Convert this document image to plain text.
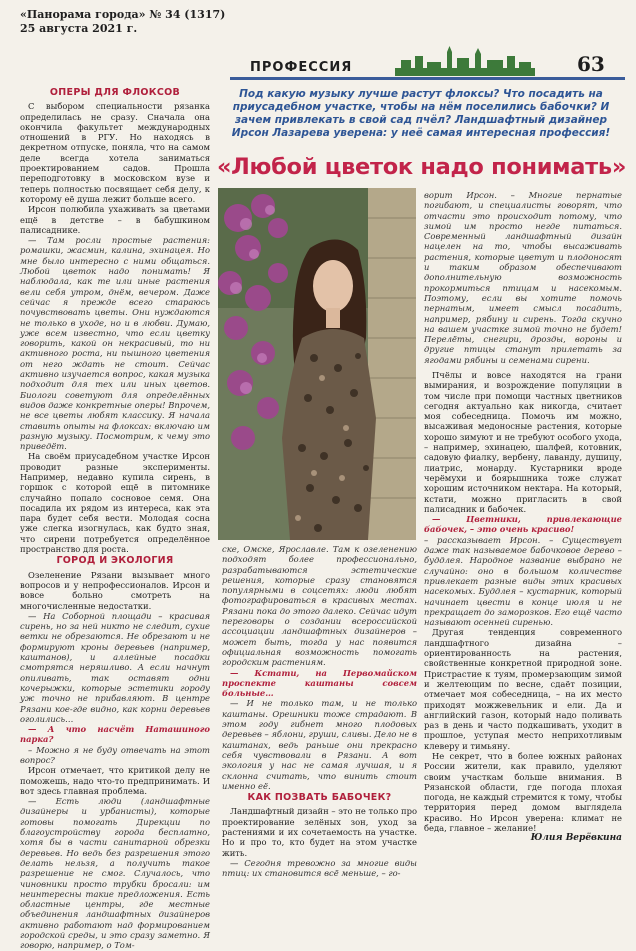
«Панорама города» № 34 (1317)
25 августа 2021 г.
ПРОФЕССИЯ	63
Под какую музыку лучше растут флоксы? Что посадить на приусадебном участке, чтобы на нём поселились бабочки? И зачем привлекать в свой сад пчёл? Ландшафтный дизайнер Ирсон Лазарева уверена: у неё самая интересная профессия!
«Любой цветок надо понимать»
ОПЕРЫ ДЛЯ ФЛОКСОВ

С выбором специальности рязанка определилась не сразу. Сначала она окончила факультет международных отношений в РГУ. Но находясь в декретном отпуске, поняла, что на самом деле всегда хотела заниматься проектированием садов. Прошла переподготовку в московском вузе и теперь полностью посвящает себя делу, к которому её душа лежит больше всего.

Ирсон полюбила ухаживать за цветами ещё в детстве – в бабушкином палисаднике.

— Там росли простые растения: ромашки, жасмин, калина, эхинацея. Но мне было интересно с ними общаться. Любой цветок надо понимать! Я наблюдала, как те или иные растения вели себя утром, днём, вечером. Даже сейчас я прежде всего стараюсь почувствовать цветы. Они нуждаются не только в уходе, но и в любви. Думаю, уже всем известно, что если цветку говорить, какой он некрасивый, то ни активного роста, ни пышного цветения от него ждать не стоит. Сейчас активно изучается вопрос, какая музыка подходит для тех или иных цветов. Биологи советуют для определённых видов даже конкретные оперы! Впрочем, не все цветы любят классику. Я начала ставить опыты на флоксах: включаю им разную музыку. Посмотрим, к чему это приведёт.

На своём приусадебном участке Ирсон проводит разные эксперименты. Например, недавно купила сирень, в горшок с которой ещё в питомнике случайно попало сосновое семя. Она посадила их рядом из интереса, как эта пара будет себя вести. Молодая сосна уже слегка изогнулась, как будто зная, что сирени потребуется определённое пространство для роста.

ГОРОД И ЭКОЛОГИЯ

Озеленение Рязани вызывает много вопросов и у непрофессионалов. Ирсон и вовсе больно смотреть на многочисленные недостатки.

— На Соборной площади – красивая сирень, но за ней никто не следит, сухие ветки не обрезаются. Не обрезают и не формируют кроны деревьев (например, каштанов), и аллейные посадки смотрятся неряшливо. А если начнут опиливать, так оставят одни кочерыжки, которые эстетики городу уж точно не прибавляют. В центре Рязани кое-где видно, как корни деревьев оголились…

— А что насчёт Наташиного парка?

– Можно я не буду отвечать на этот вопрос?

Ирсон отмечает, что критикой делу не поможешь, надо что-то предпринимать. И вот здесь главная проблема.

— Есть люди (ландшафтные дизайнеры и урбанисты), которые готовы помогать Дирекции по благоустройству города бесплатно, хотя бы в части санитарной обрезки деревьев. Но ведь без разрешения этого делать нельзя, а получить такое разрешение не смог. Случалось, что чиновники просто трубки бросали: им неинтересны такие предложения. Есть областные центры, где местные объединения ландшафтных дизайнеров активно работают над формированием городской среды, и это сразу заметно. Я говорю, например, о Том-

ске, Омске, Ярославле. Там к озеленению подходят более профессионально, разрабатываются эстетические решения, которые сразу становятся популярными в соцсетях: люди любят фотографироваться в красивых местах. Рязани пока до этого далеко. Сейчас идут переговоры о создании всероссийской ассоциации ландшафтных дизайнеров – может быть, тогда у нас появится официальная возможность помогать городским растениям.

— Кстати, на Первомайском проспекте каштаны совсем больные…

— И не только там, и не только каштаны. Орешники тоже страдают. В этом году гибнет много плодовых деревьев – яблони, груши, сливы. Дело не в каштанах, ведь раньше они прекрасно себя чувствовали в Рязани. А вот экология у нас не самая лучшая, и я склонна считать, что винить стоит именно её.

КАК ПОЗВАТЬ БАБОЧЕК?

Ландшафтный дизайн – это не только про проектирование зелёных зон, уход за растениями и их сочетаемость на участке. Но и про то, кто будет на этом участке жить.

— Сегодня тревожно за многие виды птиц: их становится всё меньше, – го-

ворит Ирсон. – Многие пернатые погибают, и специалисты говорят, что отчасти это происходит потому, что зимой им просто негде питаться. Современный ландшафтный дизайн нацелен на то, чтобы высаживать растения, которые цветут и плодоносят и таким образом обеспечивают дополнительную возможность прокормиться птицам и насекомым. Поэтому, если вы хотите помочь пернатым, имеет смысл посадить, например, рябину и сирень. Тогда скучно на вашем участке зимой точно не будет! Перелёты, снегири, дрозды, вороны и другие птицы станут прилетать за ягодами рябины и семенами сирени.

Пчёлы и вовсе находятся на грани вымирания, и возрождение популяции в том числе при помощи частных цветников сегодня актуально как никогда, считает моя собеседница. Помочь им можно, высаживая медоносные растения, которые хорошо зимуют и не требуют особого ухода, – например, эхинацею, шалфей, котовник, садовую фиалку, вербену, лаванду, душицу, лиатрис, монарду. Кустарники вроде черёмухи и боярышника тоже служат хорошим источником нектара. На который, кстати, можно пригласить в свой палисадник и бабочек.

— Цветники, привлекающие бабочек, – это очень красиво!

– рассказывает Ирсон. – Существует даже так называемое бабочковое дерево – буддлея. Народное название выбрано не случайно: оно в большом количестве привлекает разные виды этих красивых насекомых. Буддлея – кустарник, который начинает цвести в конце июля и не прекращает до заморозков. Его ещё часто называют осенней сиренью.

Другая тенденция современного ландшафтного дизайна – ориентированность на растения, свойственные конкретной природной зоне. Пристрастие к туям, промерзающим зимой и желтеющим по весне, сдаёт позиции, отмечает моя собеседница, – на их место приходят можжевельник и ели. Да и английский газон, который надо поливать раз в день и часто подкашивать, уходит в прошлое, уступая место неприхотливым клеверу и тимьяну.

Не секрет, что в более южных районах России жители, как правило, уделяют своим участкам больше внимания. В Рязанской области, где погода плохая погода, не каждый стремится к тому, чтобы территория перед домом выглядела красиво. Но Ирсон уверена: климат не беда, главное – желание!

Юлия Верёвкина
